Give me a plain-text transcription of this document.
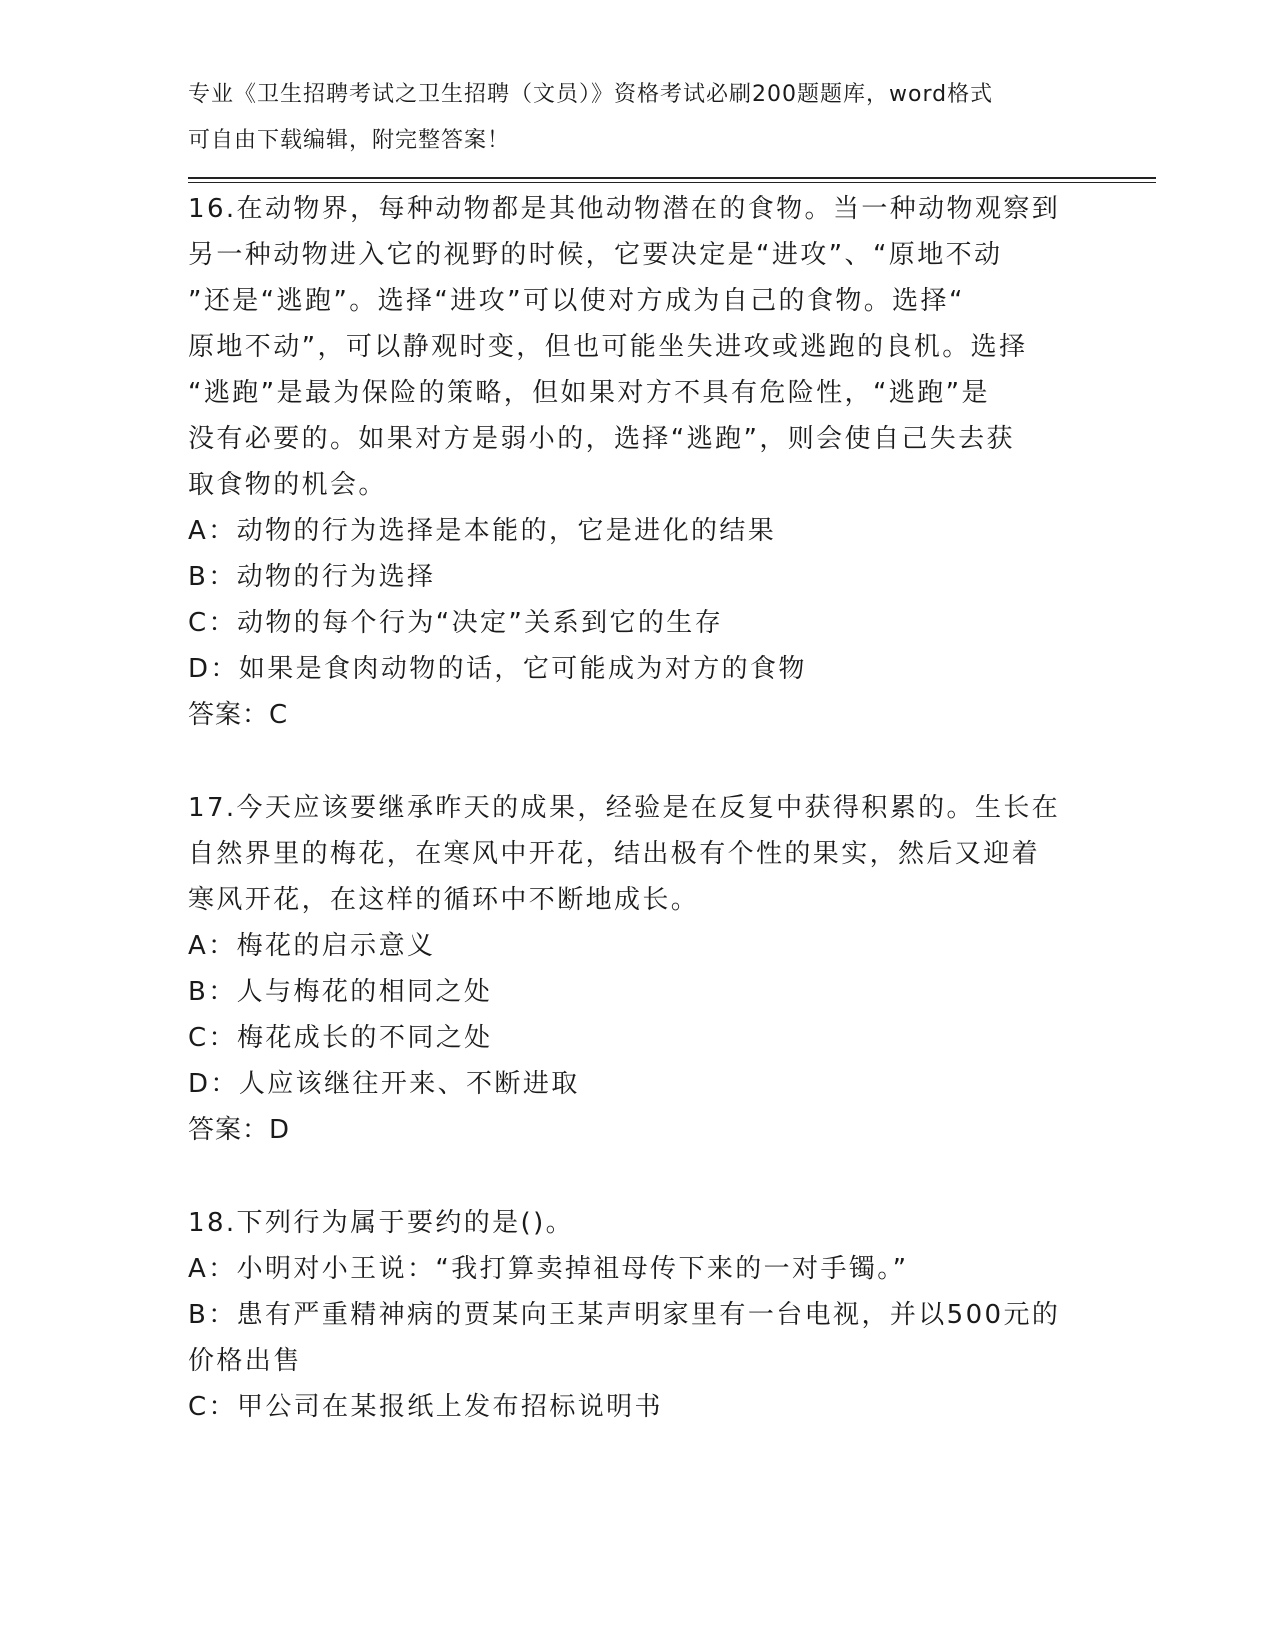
专业《卫生招聘考试之卫生招聘（文员）》资格考试必刷200题题库，word格式
可自由下载编辑，附完整答案！
16.在动物界，每种动物都是其他动物潜在的食物。当一种动物观察到
另一种动物进入它的视野的时候，它要决定是“进攻”、“原地不动
”还是“逃跑”。选择“进攻”可以使对方成为自己的食物。选择“
原地不动”，可以静观时变，但也可能坐失进攻或逃跑的良机。选择
“逃跑”是最为保险的策略，但如果对方不具有危险性，“逃跑”是
没有必要的。如果对方是弱小的，选择“逃跑”，则会使自己失去获
取食物的机会。
A：动物的行为选择是本能的，它是进化的结果
B：动物的行为选择
C：动物的每个行为“决定”关系到它的生存
D：如果是食肉动物的话，它可能成为对方的食物
答案：C
17.今天应该要继承昨天的成果，经验是在反复中获得积累的。生长在
自然界里的梅花，在寒风中开花，结出极有个性的果实，然后又迎着
寒风开花，在这样的循环中不断地成长。
A：梅花的启示意义
B：人与梅花的相同之处
C：梅花成长的不同之处
D：人应该继往开来、不断进取
答案：D
18.下列行为属于要约的是()。
A：小明对小王说：“我打算卖掉祖母传下来的一对手镯。”
B：患有严重精神病的贾某向王某声明家里有一台电视，并以500元的
价格出售
C：甲公司在某报纸上发布招标说明书
